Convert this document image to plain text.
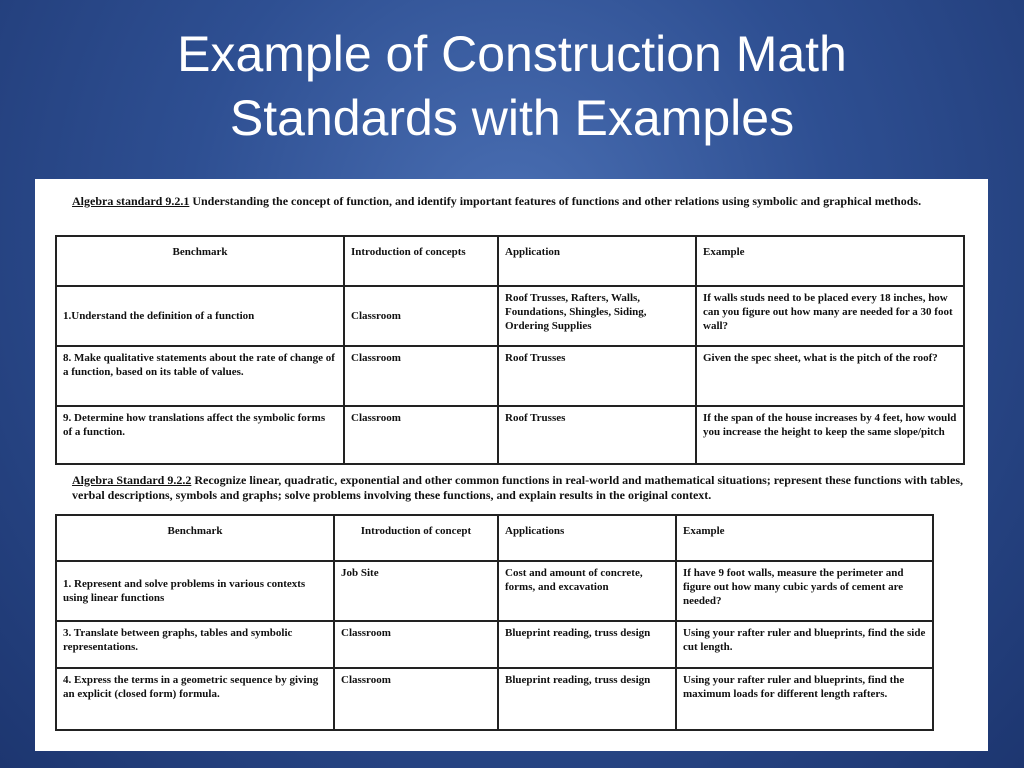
Example of Construction Math
Standards with Examples
Algebra standard 9.2.1 Understanding the concept of function, and identify important features of functions and other relations using symbolic and graphical methods.
Benchmark	Introduction of concepts	Application	Example
1.Understand the definition of a function	Classroom	Roof Trusses, Rafters, Walls, Foundations, Shingles, Siding, Ordering Supplies	If walls studs need to be placed every 18 inches, how can you figure out how many are needed for a 30 foot wall?
8. Make qualitative statements about the rate of change of a function, based on its table of values.	Classroom	Roof Trusses	Given the spec sheet, what is the pitch of the roof?
9. Determine how translations affect the symbolic forms of a function.	Classroom	Roof Trusses	If the span of the house increases by 4 feet, how would you increase the height to keep the same slope/pitch
Algebra Standard 9.2.2 Recognize linear, quadratic, exponential and other common functions in real-world and mathematical situations; represent these functions with tables, verbal descriptions, symbols and graphs; solve problems involving these functions, and explain results in the original context.
Benchmark	Introduction of concept	Applications	Example
1. Represent and solve problems in various contexts using linear functions	Job Site	Cost and amount of concrete, forms, and excavation	If have 9 foot walls, measure the perimeter and figure out how many cubic yards of cement are needed?
3. Translate between graphs, tables and symbolic representations.	Classroom	Blueprint reading, truss design	Using your rafter ruler and blueprints, find the side cut length.
4. Express the terms in a geometric sequence by giving an explicit (closed form) formula.	Classroom	Blueprint reading, truss design	Using your rafter ruler and blueprints, find the maximum loads for different length rafters.
